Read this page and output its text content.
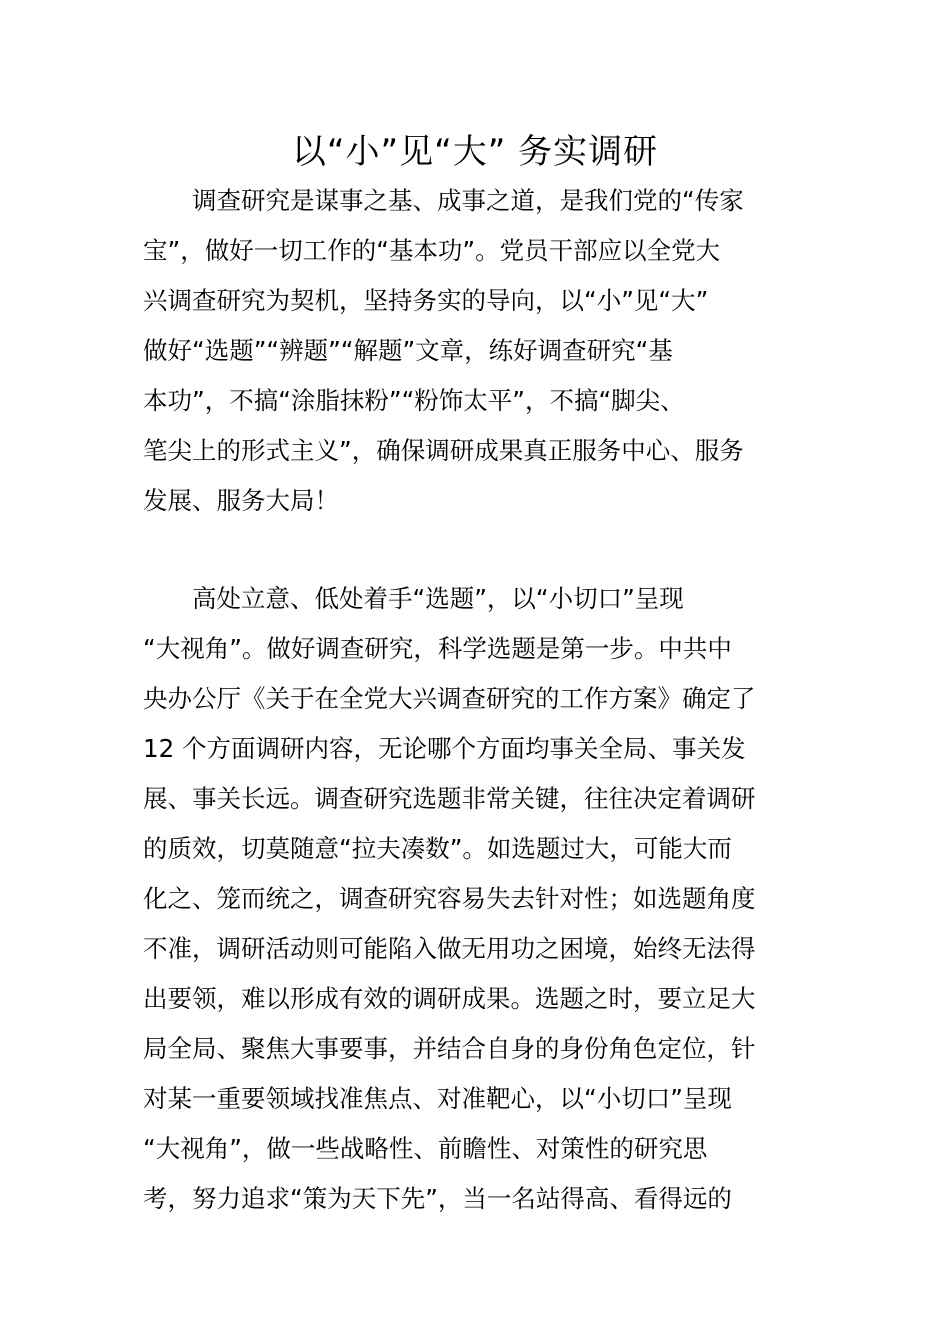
以“小”见“大” 务实调研
　　调查研究是谋事之基、成事之道，是我们党的“传家
宝”，做好一切工作的“基本功”。党员干部应以全党大
兴调查研究为契机，坚持务实的导向，以“小”见“大”
做好“选题”“辨题”“解题”文章，练好调查研究“基
本功”，不搞“涂脂抹粉”“粉饰太平”，不搞“脚尖、
笔尖上的形式主义”，确保调研成果真正服务中心、服务
发展、服务大局！
　　高处立意、低处着手“选题”，以“小切口”呈现
“大视角”。做好调查研究，科学选题是第一步。中共中
央办公厅《关于在全党大兴调查研究的工作方案》确定了
12 个方面调研内容，无论哪个方面均事关全局、事关发
展、事关长远。调查研究选题非常关键，往往决定着调研
的质效，切莫随意“拉夫凑数”。如选题过大，可能大而
化之、笼而统之，调查研究容易失去针对性；如选题角度
不准，调研活动则可能陷入做无用功之困境，始终无法得
出要领，难以形成有效的调研成果。选题之时，要立足大
局全局、聚焦大事要事，并结合自身的身份角色定位，针
对某一重要领域找准焦点、对准靶心，以“小切口”呈现
“大视角”，做一些战略性、前瞻性、对策性的研究思
考，努力追求“策为天下先”，当一名站得高、看得远的
